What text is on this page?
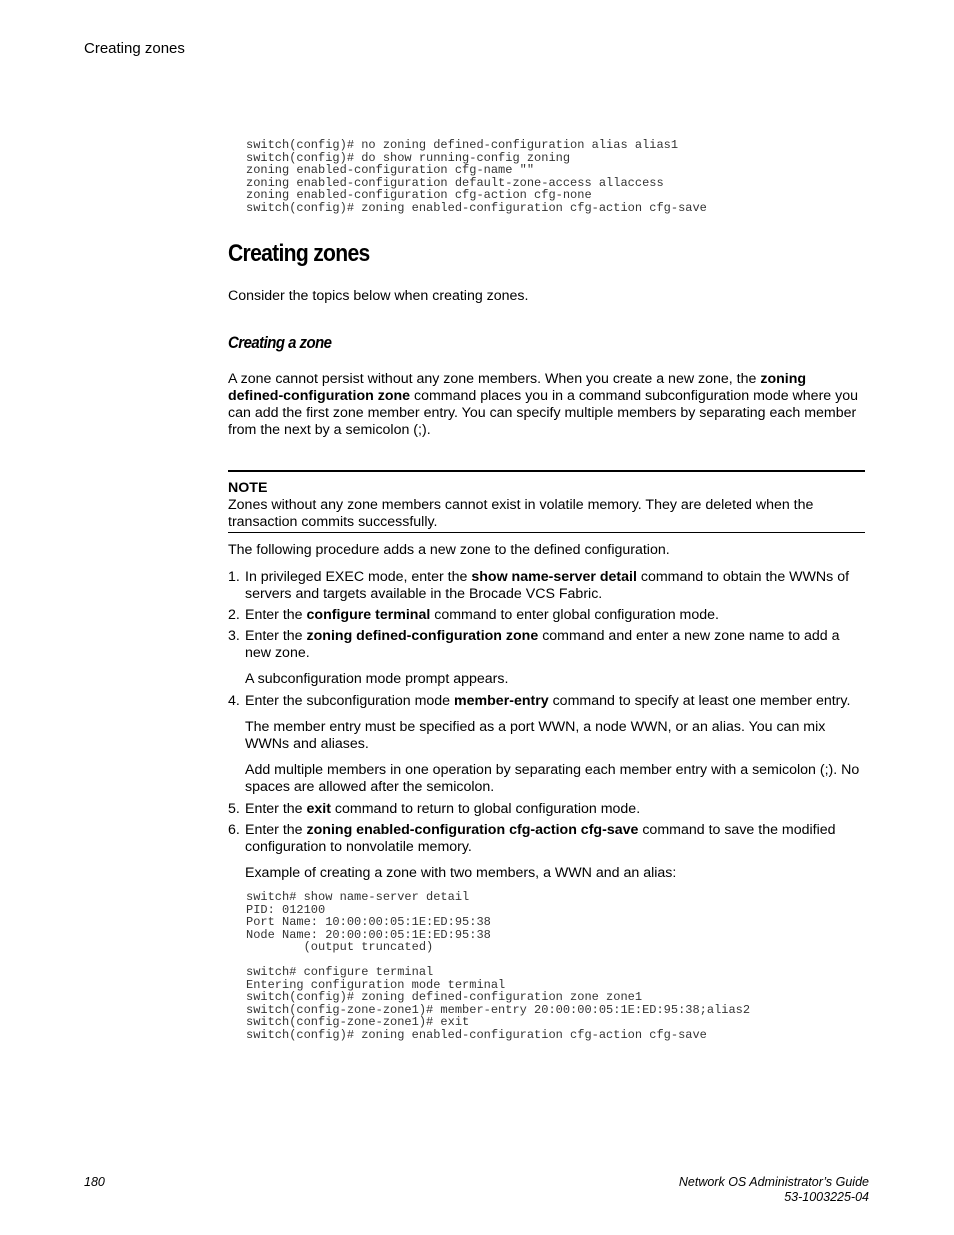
Creating zones
switch(config)# no zoning defined-configuration alias alias1
switch(config)# do show running-config zoning
zoning enabled-configuration cfg-name ""
zoning enabled-configuration default-zone-access allaccess
zoning enabled-configuration cfg-action cfg-none
switch(config)# zoning enabled-configuration cfg-action cfg-save
Creating zones

Consider the topics below when creating zones.

Creating a zone

A zone cannot persist without any zone members. When you create a new zone, the zoning defined-configuration zone command places you in a command subconfiguration mode where you can add the first zone member entry. You can specify multiple members by separating each member from the next by a semicolon (;).

NOTE
Zones without any zone members cannot exist in volatile memory. They are deleted when the transaction commits successfully.

The following procedure adds a new zone to the defined configuration.

1. In privileged EXEC mode, enter the show name-server detail command to obtain the WWNs of servers and targets available in the Brocade VCS Fabric.

2. Enter the configure terminal command to enter global configuration mode.

3. Enter the zoning defined-configuration zone command and enter a new zone name to add a new zone.

A subconfiguration mode prompt appears.

4. Enter the subconfiguration mode member-entry command to specify at least one member entry.

The member entry must be specified as a port WWN, a node WWN, or an alias. You can mix WWNs and aliases.

Add multiple members in one operation by separating each member entry with a semicolon (;). No spaces are allowed after the semicolon.

5. Enter the exit command to return to global configuration mode.

6. Enter the zoning enabled-configuration cfg-action cfg-save command to save the modified configuration to nonvolatile memory.

Example of creating a zone with two members, a WWN and an alias:

switch# show name-server detail
PID: 012100
Port Name: 10:00:00:05:1E:ED:95:38
Node Name: 20:00:00:05:1E:ED:95:38
(output truncated)

switch# configure terminal
Entering configuration mode terminal
switch(config)# zoning defined-configuration zone zone1
switch(config-zone-zone1)# member-entry 20:00:00:05:1E:ED:95:38;alias2
switch(config-zone-zone1)# exit
switch(config)# zoning enabled-configuration cfg-action cfg-save
180	Network OS Administrator’s Guide
53-1003225-04
